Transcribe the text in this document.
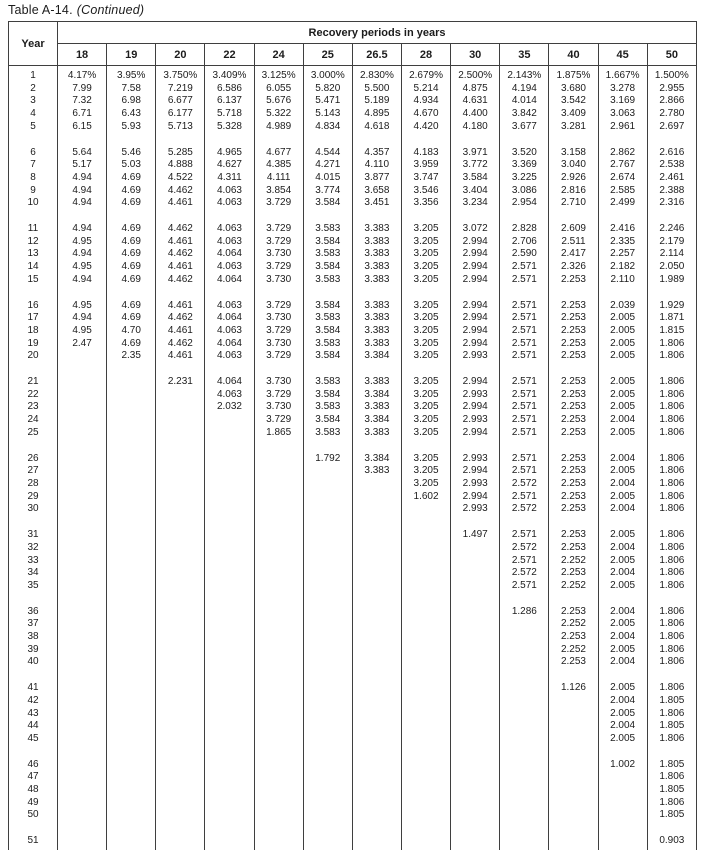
Table A-14. (Continued)
Year	Recovery periods in years												
	18	19	20	22	24	25	26.5	28	30	35	40	45	50
1	4.17%	3.95%	3.750%	3.409%	3.125%	3.000%	2.830%	2.679%	2.500%	2.143%	1.875%	1.667%	1.500%
2	7.99	7.58	7.219	6.586	6.055	5.820	5.500	5.214	4.875	4.194	3.680	3.278	2.955
3	7.32	6.98	6.677	6.137	5.676	5.471	5.189	4.934	4.631	4.014	3.542	3.169	2.866
4	6.71	6.43	6.177	5.718	5.322	5.143	4.895	4.670	4.400	3.842	3.409	3.063	2.780
5	6.15	5.93	5.713	5.328	4.989	4.834	4.618	4.420	4.180	3.677	3.281	2.961	2.697
6	5.64	5.46	5.285	4.965	4.677	4.544	4.357	4.183	3.971	3.520	3.158	2.862	2.616
7	5.17	5.03	4.888	4.627	4.385	4.271	4.110	3.959	3.772	3.369	3.040	2.767	2.538
8	4.94	4.69	4.522	4.311	4.111	4.015	3.877	3.747	3.584	3.225	2.926	2.674	2.461
9	4.94	4.69	4.462	4.063	3.854	3.774	3.658	3.546	3.404	3.086	2.816	2.585	2.388
10	4.94	4.69	4.461	4.063	3.729	3.584	3.451	3.356	3.234	2.954	2.710	2.499	2.316
11	4.94	4.69	4.462	4.063	3.729	3.583	3.383	3.205	3.072	2.828	2.609	2.416	2.246
12	4.95	4.69	4.461	4.063	3.729	3.584	3.383	3.205	2.994	2.706	2.511	2.335	2.179
13	4.94	4.69	4.462	4.064	3.730	3.583	3.383	3.205	2.994	2.590	2.417	2.257	2.114
14	4.95	4.69	4.461	4.063	3.729	3.584	3.383	3.205	2.994	2.571	2.326	2.182	2.050
15	4.94	4.69	4.462	4.064	3.730	3.583	3.383	3.205	2.994	2.571	2.253	2.110	1.989
16	4.95	4.69	4.461	4.063	3.729	3.584	3.383	3.205	2.994	2.571	2.253	2.039	1.929
17	4.94	4.69	4.462	4.064	3.730	3.583	3.383	3.205	2.994	2.571	2.253	2.005	1.871
18	4.95	4.70	4.461	4.063	3.729	3.584	3.383	3.205	2.994	2.571	2.253	2.005	1.815
19	2.47	4.69	4.462	4.064	3.730	3.583	3.383	3.205	2.994	2.571	2.253	2.005	1.806
20		2.35	4.461	4.063	3.729	3.584	3.384	3.205	2.993	2.571	2.253	2.005	1.806
21			2.231	4.064	3.730	3.583	3.383	3.205	2.994	2.571	2.253	2.005	1.806
22				4.063	3.729	3.584	3.384	3.205	2.993	2.571	2.253	2.005	1.806
23				2.032	3.730	3.583	3.383	3.205	2.994	2.571	2.253	2.005	1.806
24					3.729	3.584	3.384	3.205	2.993	2.571	2.253	2.004	1.806
25					1.865	3.583	3.383	3.205	2.994	2.571	2.253	2.005	1.806
26						1.792	3.384	3.205	2.993	2.571	2.253	2.004	1.806
27							3.383	3.205	2.994	2.571	2.253	2.005	1.806
28								3.205	2.993	2.572	2.253	2.004	1.806
29								1.602	2.994	2.571	2.253	2.005	1.806
30									2.993	2.572	2.253	2.004	1.806
31									1.497	2.571	2.253	2.005	1.806
32										2.572	2.253	2.004	1.806
33										2.571	2.252	2.005	1.806
34										2.572	2.253	2.004	1.806
35										2.571	2.252	2.005	1.806
36										1.286	2.253	2.004	1.806
37											2.252	2.005	1.806
38											2.253	2.004	1.806
39											2.252	2.005	1.806
40											2.253	2.004	1.806
41											1.126	2.005	1.806
42												2.004	1.805
43												2.005	1.806
44												2.004	1.805
45												2.005	1.806
46												1.002	1.805
47													1.806
48													1.805
49													1.806
50													1.805
51													0.903
